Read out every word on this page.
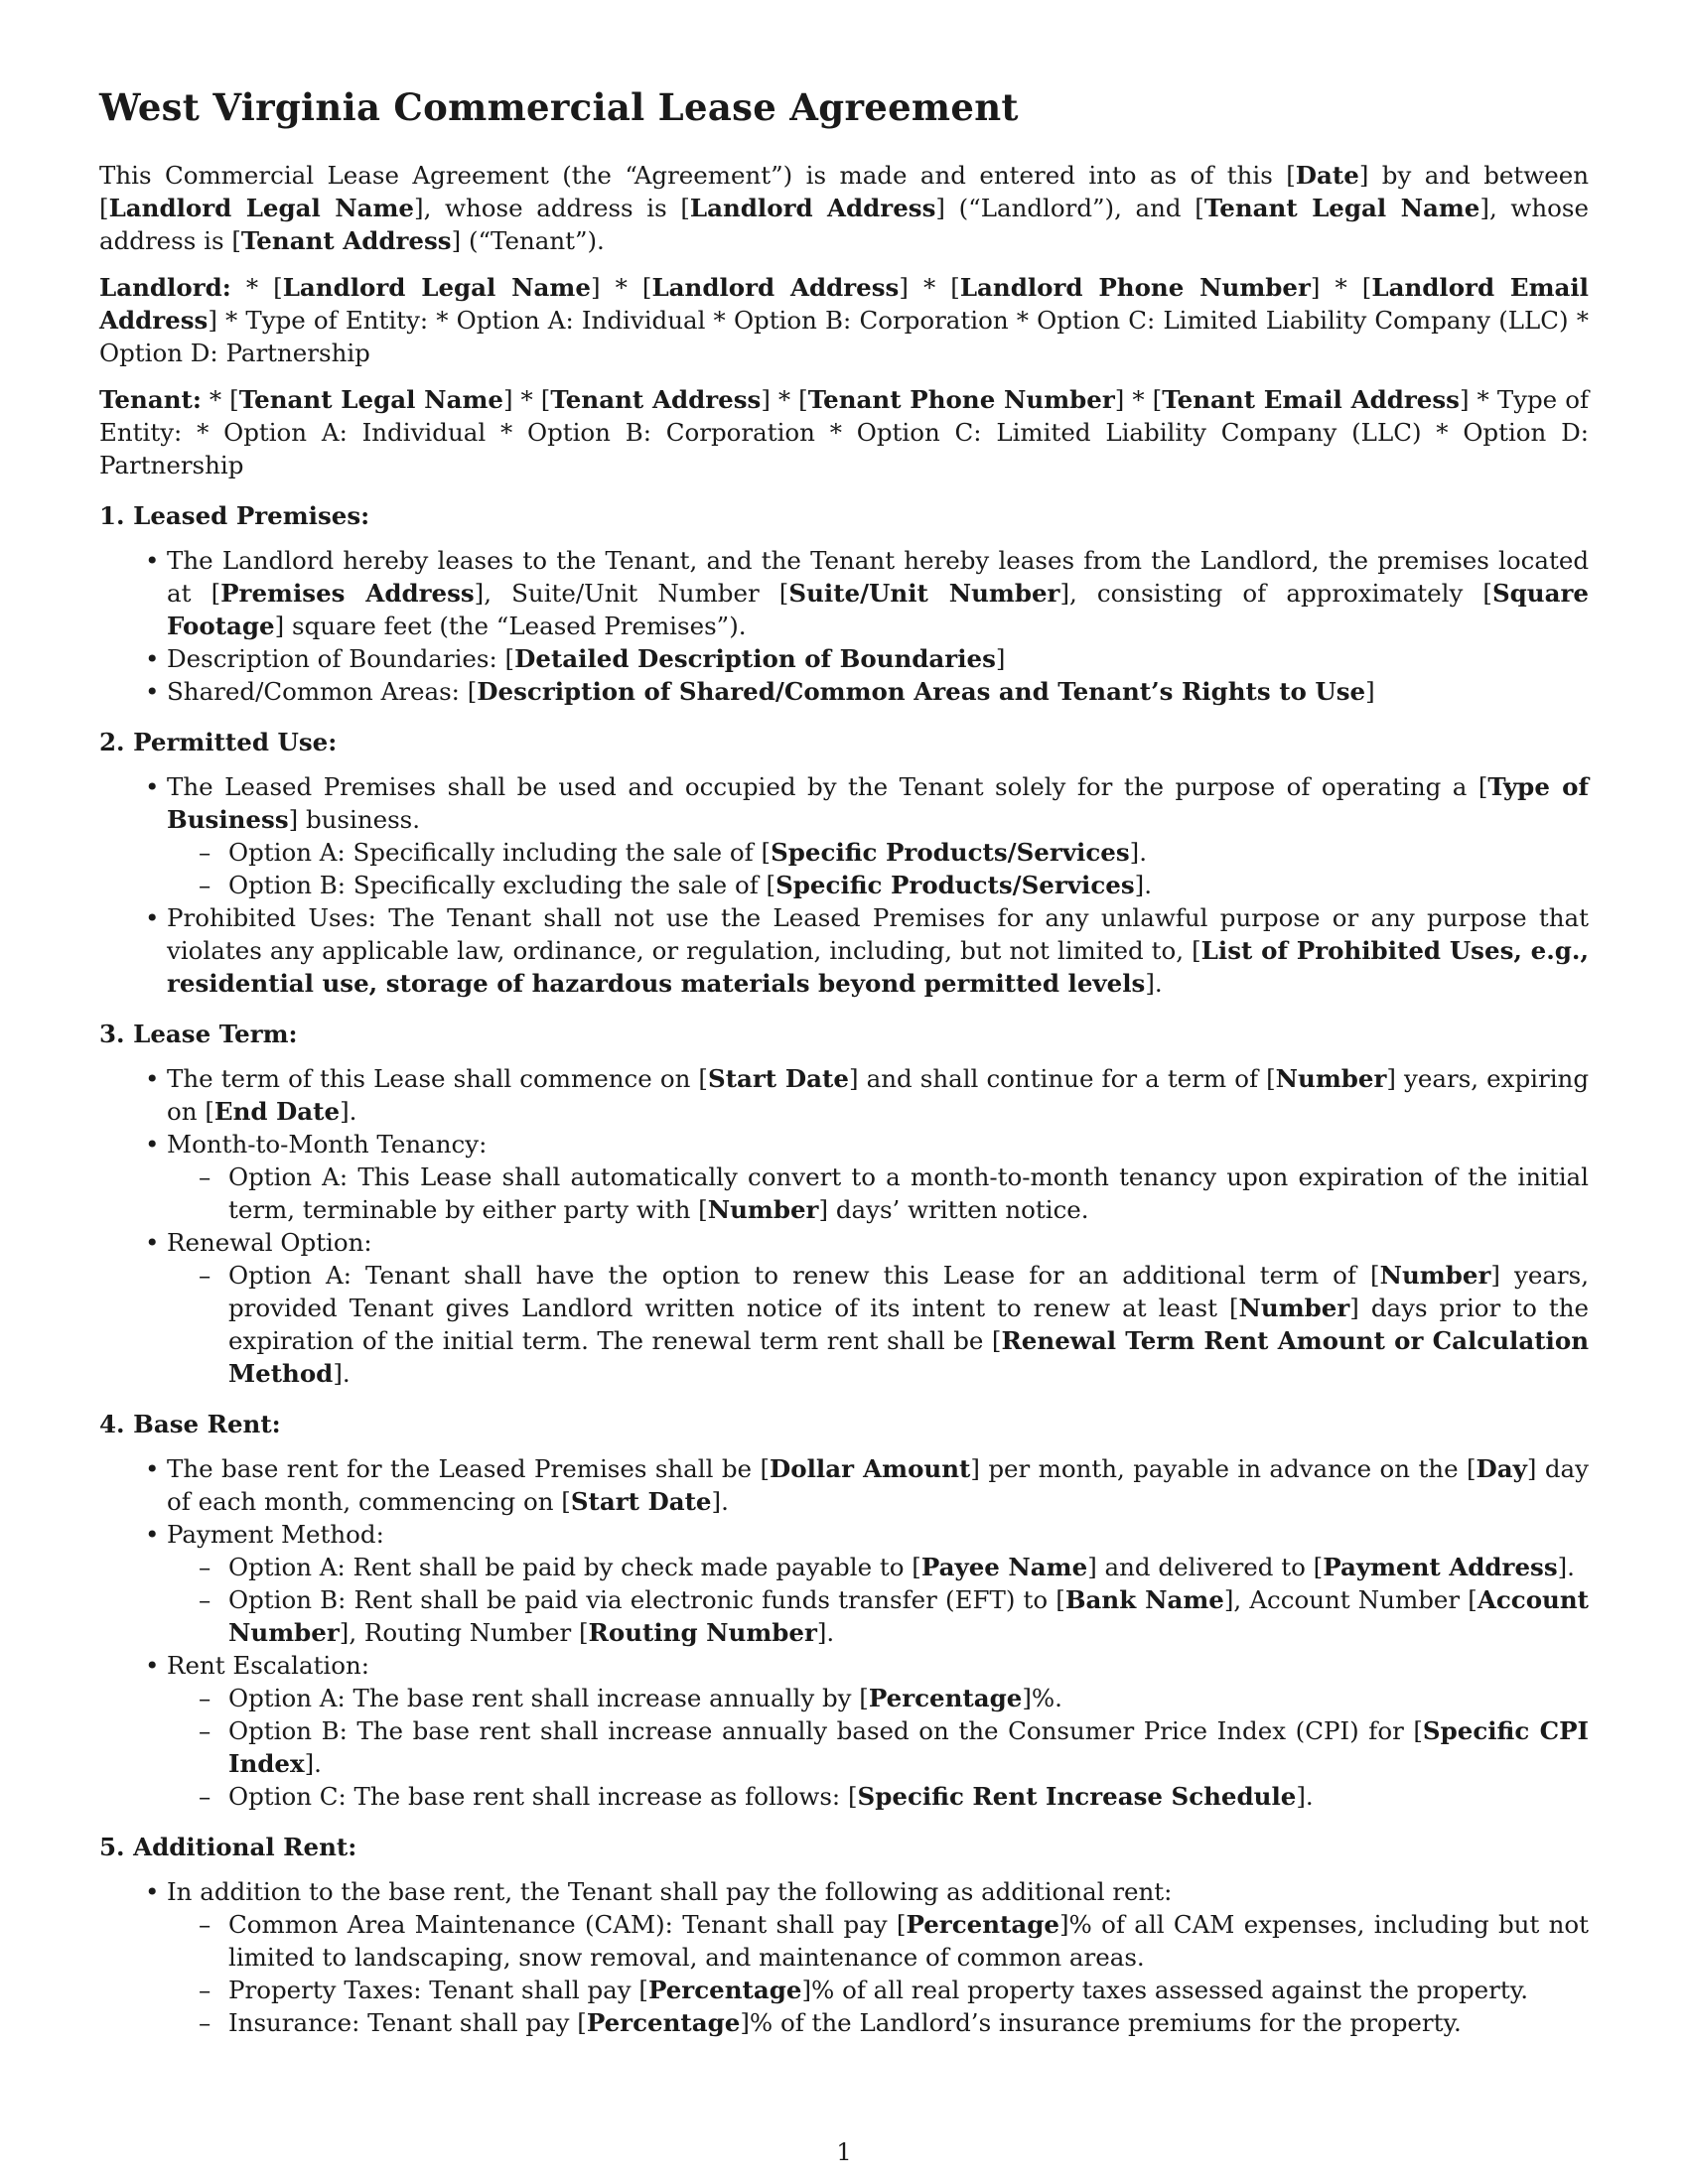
West Virginia Commercial Lease Agreement

This Commercial Lease Agreement (the “Agreement”) is made and entered into as of this [Date] by and between [Landlord Legal Name], whose address is [Landlord Address] (“Landlord”), and [Tenant Legal Name], whose address is [Tenant Address] (“Tenant”).

Landlord: * [Landlord Legal Name] * [Landlord Address] * [Landlord Phone Number] * [Landlord Email Address] * Type of Entity: * Option A: Individual * Option B: Corporation * Option C: Limited Liability Company (LLC) * Option D: Partnership

Tenant: * [Tenant Legal Name] * [Tenant Address] * [Tenant Phone Number] * [Tenant Email Address] * Type of Entity: * Option A: Individual * Option B: Corporation * Option C: Limited Liability Company (LLC) * Option D: Partnership

1. Leased Premises:
• The Landlord hereby leases to the Tenant, and the Tenant hereby leases from the Landlord, the premises located at [Premises Address], Suite/Unit Number [Suite/Unit Number], consisting of approximately [Square Footage] square feet (the “Leased Premises”).
• Description of Boundaries: [Detailed Description of Boundaries]
• Shared/Common Areas: [Description of Shared/Common Areas and Tenant’s Rights to Use]
2. Permitted Use:
• The Leased Premises shall be used and occupied by the Tenant solely for the purpose of operating a [Type of Business] business.
– Option A: Specifically including the sale of [Specific Products/Services].
– Option B: Specifically excluding the sale of [Specific Products/Services].
• Prohibited Uses: The Tenant shall not use the Leased Premises for any unlawful purpose or any purpose that violates any applicable law, ordinance, or regulation, including, but not limited to, [List of Prohibited Uses, e.g., residential use, storage of hazardous materials beyond permitted levels].
3. Lease Term:
• The term of this Lease shall commence on [Start Date] and shall continue for a term of [Number] years, expiring on [End Date].
• Month-to-Month Tenancy:
– Option A: This Lease shall automatically convert to a month-to-month tenancy upon expiration of the initial term, terminable by either party with [Number] days’ written notice.
• Renewal Option:
– Option A: Tenant shall have the option to renew this Lease for an additional term of [Number] years, provided Tenant gives Landlord written notice of its intent to renew at least [Number] days prior to the expiration of the initial term. The renewal term rent shall be [Renewal Term Rent Amount or Calculation Method].
4. Base Rent:
• The base rent for the Leased Premises shall be [Dollar Amount] per month, payable in advance on the [Day] day of each month, commencing on [Start Date].
• Payment Method:
– Option A: Rent shall be paid by check made payable to [Payee Name] and delivered to [Payment Address].
– Option B: Rent shall be paid via electronic funds transfer (EFT) to [Bank Name], Account Number [Account Number], Routing Number [Routing Number].
• Rent Escalation:
– Option A: The base rent shall increase annually by [Percentage]%.
– Option B: The base rent shall increase annually based on the Consumer Price Index (CPI) for [Specific CPI Index].
– Option C: The base rent shall increase as follows: [Specific Rent Increase Schedule].
5. Additional Rent:
• In addition to the base rent, the Tenant shall pay the following as additional rent:
– Common Area Maintenance (CAM): Tenant shall pay [Percentage]% of all CAM expenses, including but not limited to landscaping, snow removal, and maintenance of common areas.
– Property Taxes: Tenant shall pay [Percentage]% of all real property taxes assessed against the property.
– Insurance: Tenant shall pay [Percentage]% of the Landlord’s insurance premiums for the property.
1
